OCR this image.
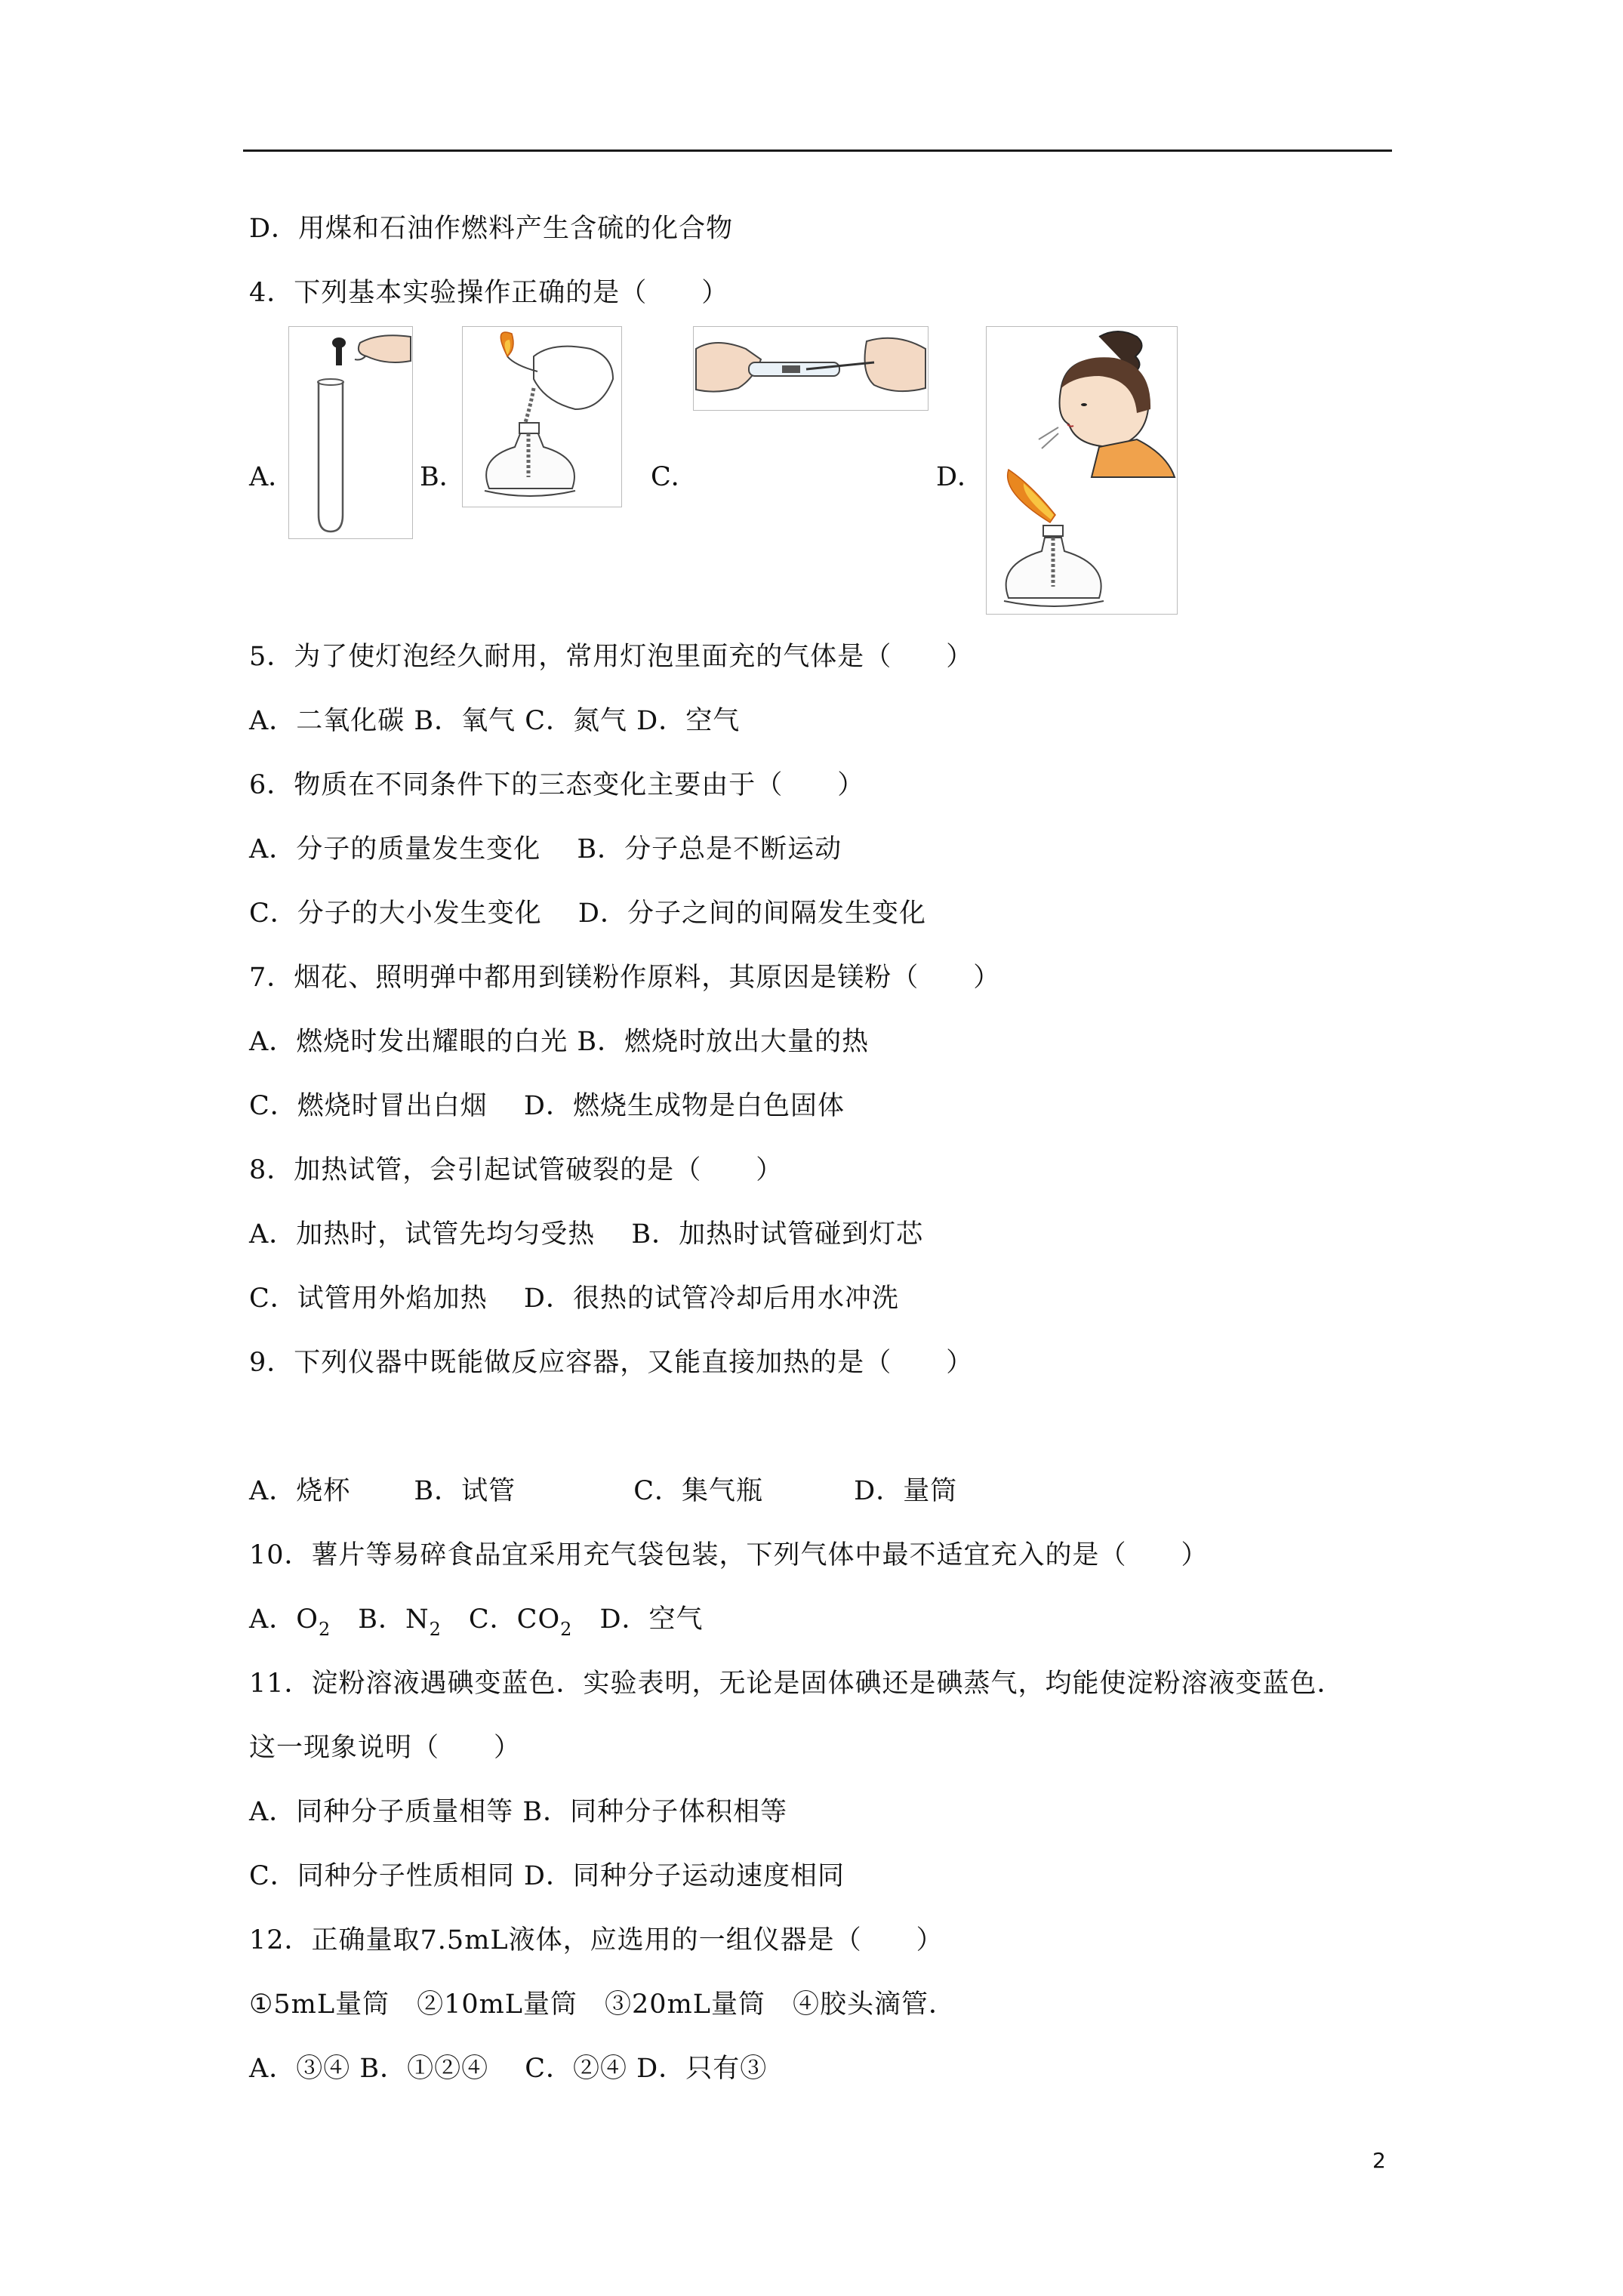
D．用煤和石油作燃料产生含硫的化合物
4．下列基本实验操作正确的是（　　）
A．	B．	C．	D．
5．为了使灯泡经久耐用，常用灯泡里面充的气体是（　　）
A．二氧化碳 B．氧气 C．氮气 D．空气
6．物质在不同条件下的三态变化主要由于（　　）
A．分子的质量发生变化　 B．分子总是不断运动
C．分子的大小发生变化　 D．分子之间的间隔发生变化
7．烟花、照明弹中都用到镁粉作原料，其原因是镁粉（　　）
A．燃烧时发出耀眼的白光 B．燃烧时放出大量的热
C．燃烧时冒出白烟　 D．燃烧生成物是白色固体
8．加热试管，会引起试管破裂的是（　　）
A．加热时，试管先均匀受热　 B．加热时试管碰到灯芯
C．试管用外焰加热　 D．很热的试管冷却后用水冲洗
9．下列仪器中既能做反应容器，又能直接加热的是（　　）
A．烧杯　　 B．试管　　　　 C．集气瓶　　　 D．量筒
10．薯片等易碎食品宜采用充气袋包装，下列气体中最不适宜充入的是（　　）
A．$O_2$　B．$N_2$　C．$CO_2$　D．空气
11．淀粉溶液遇碘变蓝色．实验表明，无论是固体碘还是碘蒸气，均能使淀粉溶液变蓝色．
这一现象说明（　　）
A．同种分子质量相等 B．同种分子体积相等
C．同种分子性质相同 D．同种分子运动速度相同
12．正确量取7.5mL液体，应选用的一组仪器是（　　）
①5mL量筒　②10mL量筒　③20mL量筒　④胶头滴管．
A．③④ B．①②④　 C．②④ D．只有③
2
